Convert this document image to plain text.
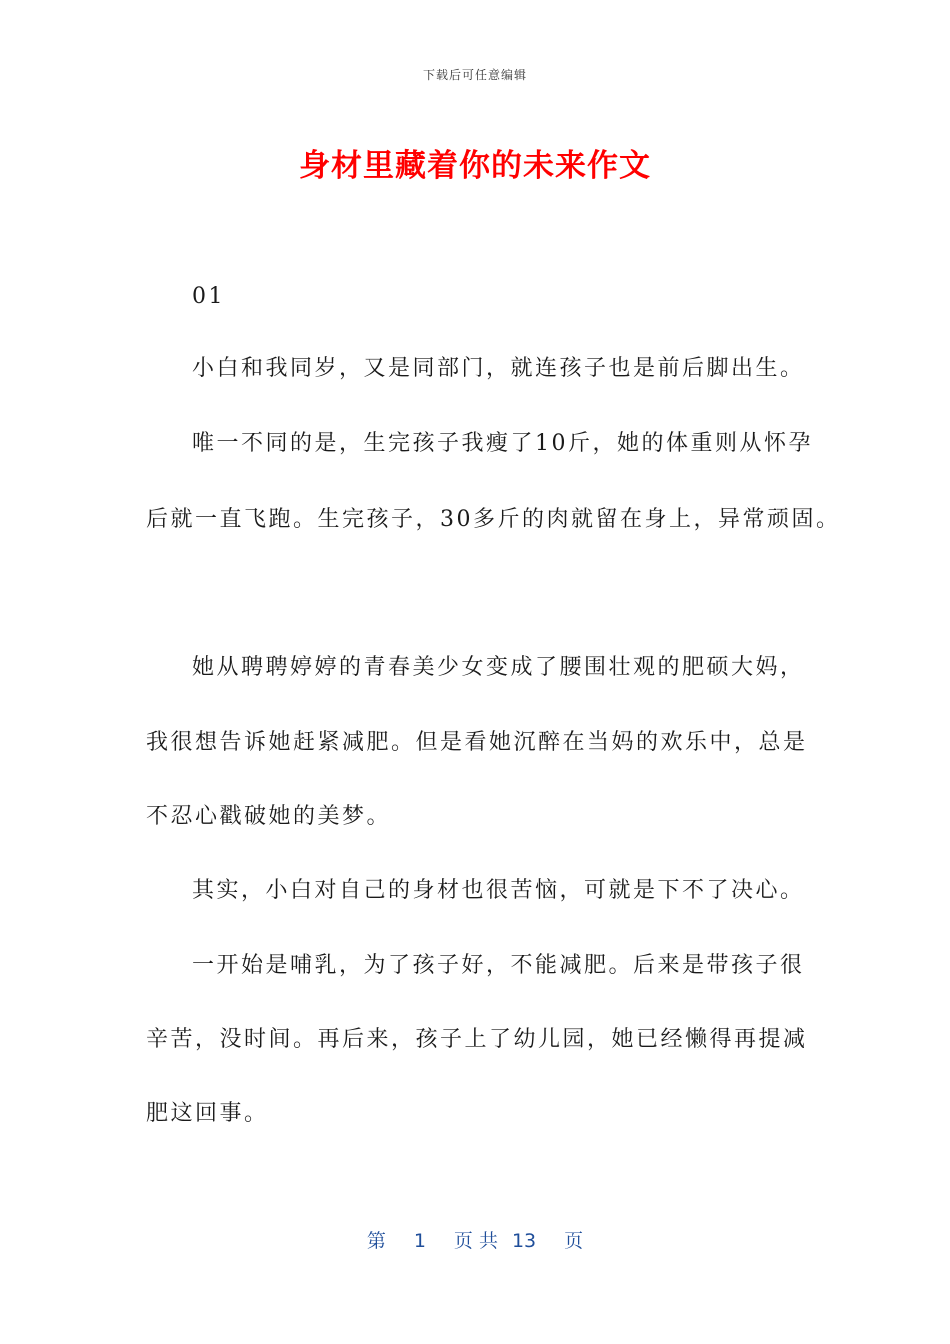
下载后可任意编辑
身材里藏着你的未来作文
01
小白和我同岁，又是同部门，就连孩子也是前后脚出生。
唯一不同的是，生完孩子我瘦了10斤，她的体重则从怀孕
后就一直飞跑。生完孩子，30多斤的肉就留在身上，异常顽固。
她从聘聘婷婷的青春美少女变成了腰围壮观的肥硕大妈，
我很想告诉她赶紧减肥。但是看她沉醉在当妈的欢乐中，总是
不忍心戳破她的美梦。
其实，小白对自己的身材也很苦恼，可就是下不了决心。
一开始是哺乳，为了孩子好，不能减肥。后来是带孩子很
辛苦，没时间。再后来，孩子上了幼儿园，她已经懒得再提减
肥这回事。
第 1 页 共 13 页
